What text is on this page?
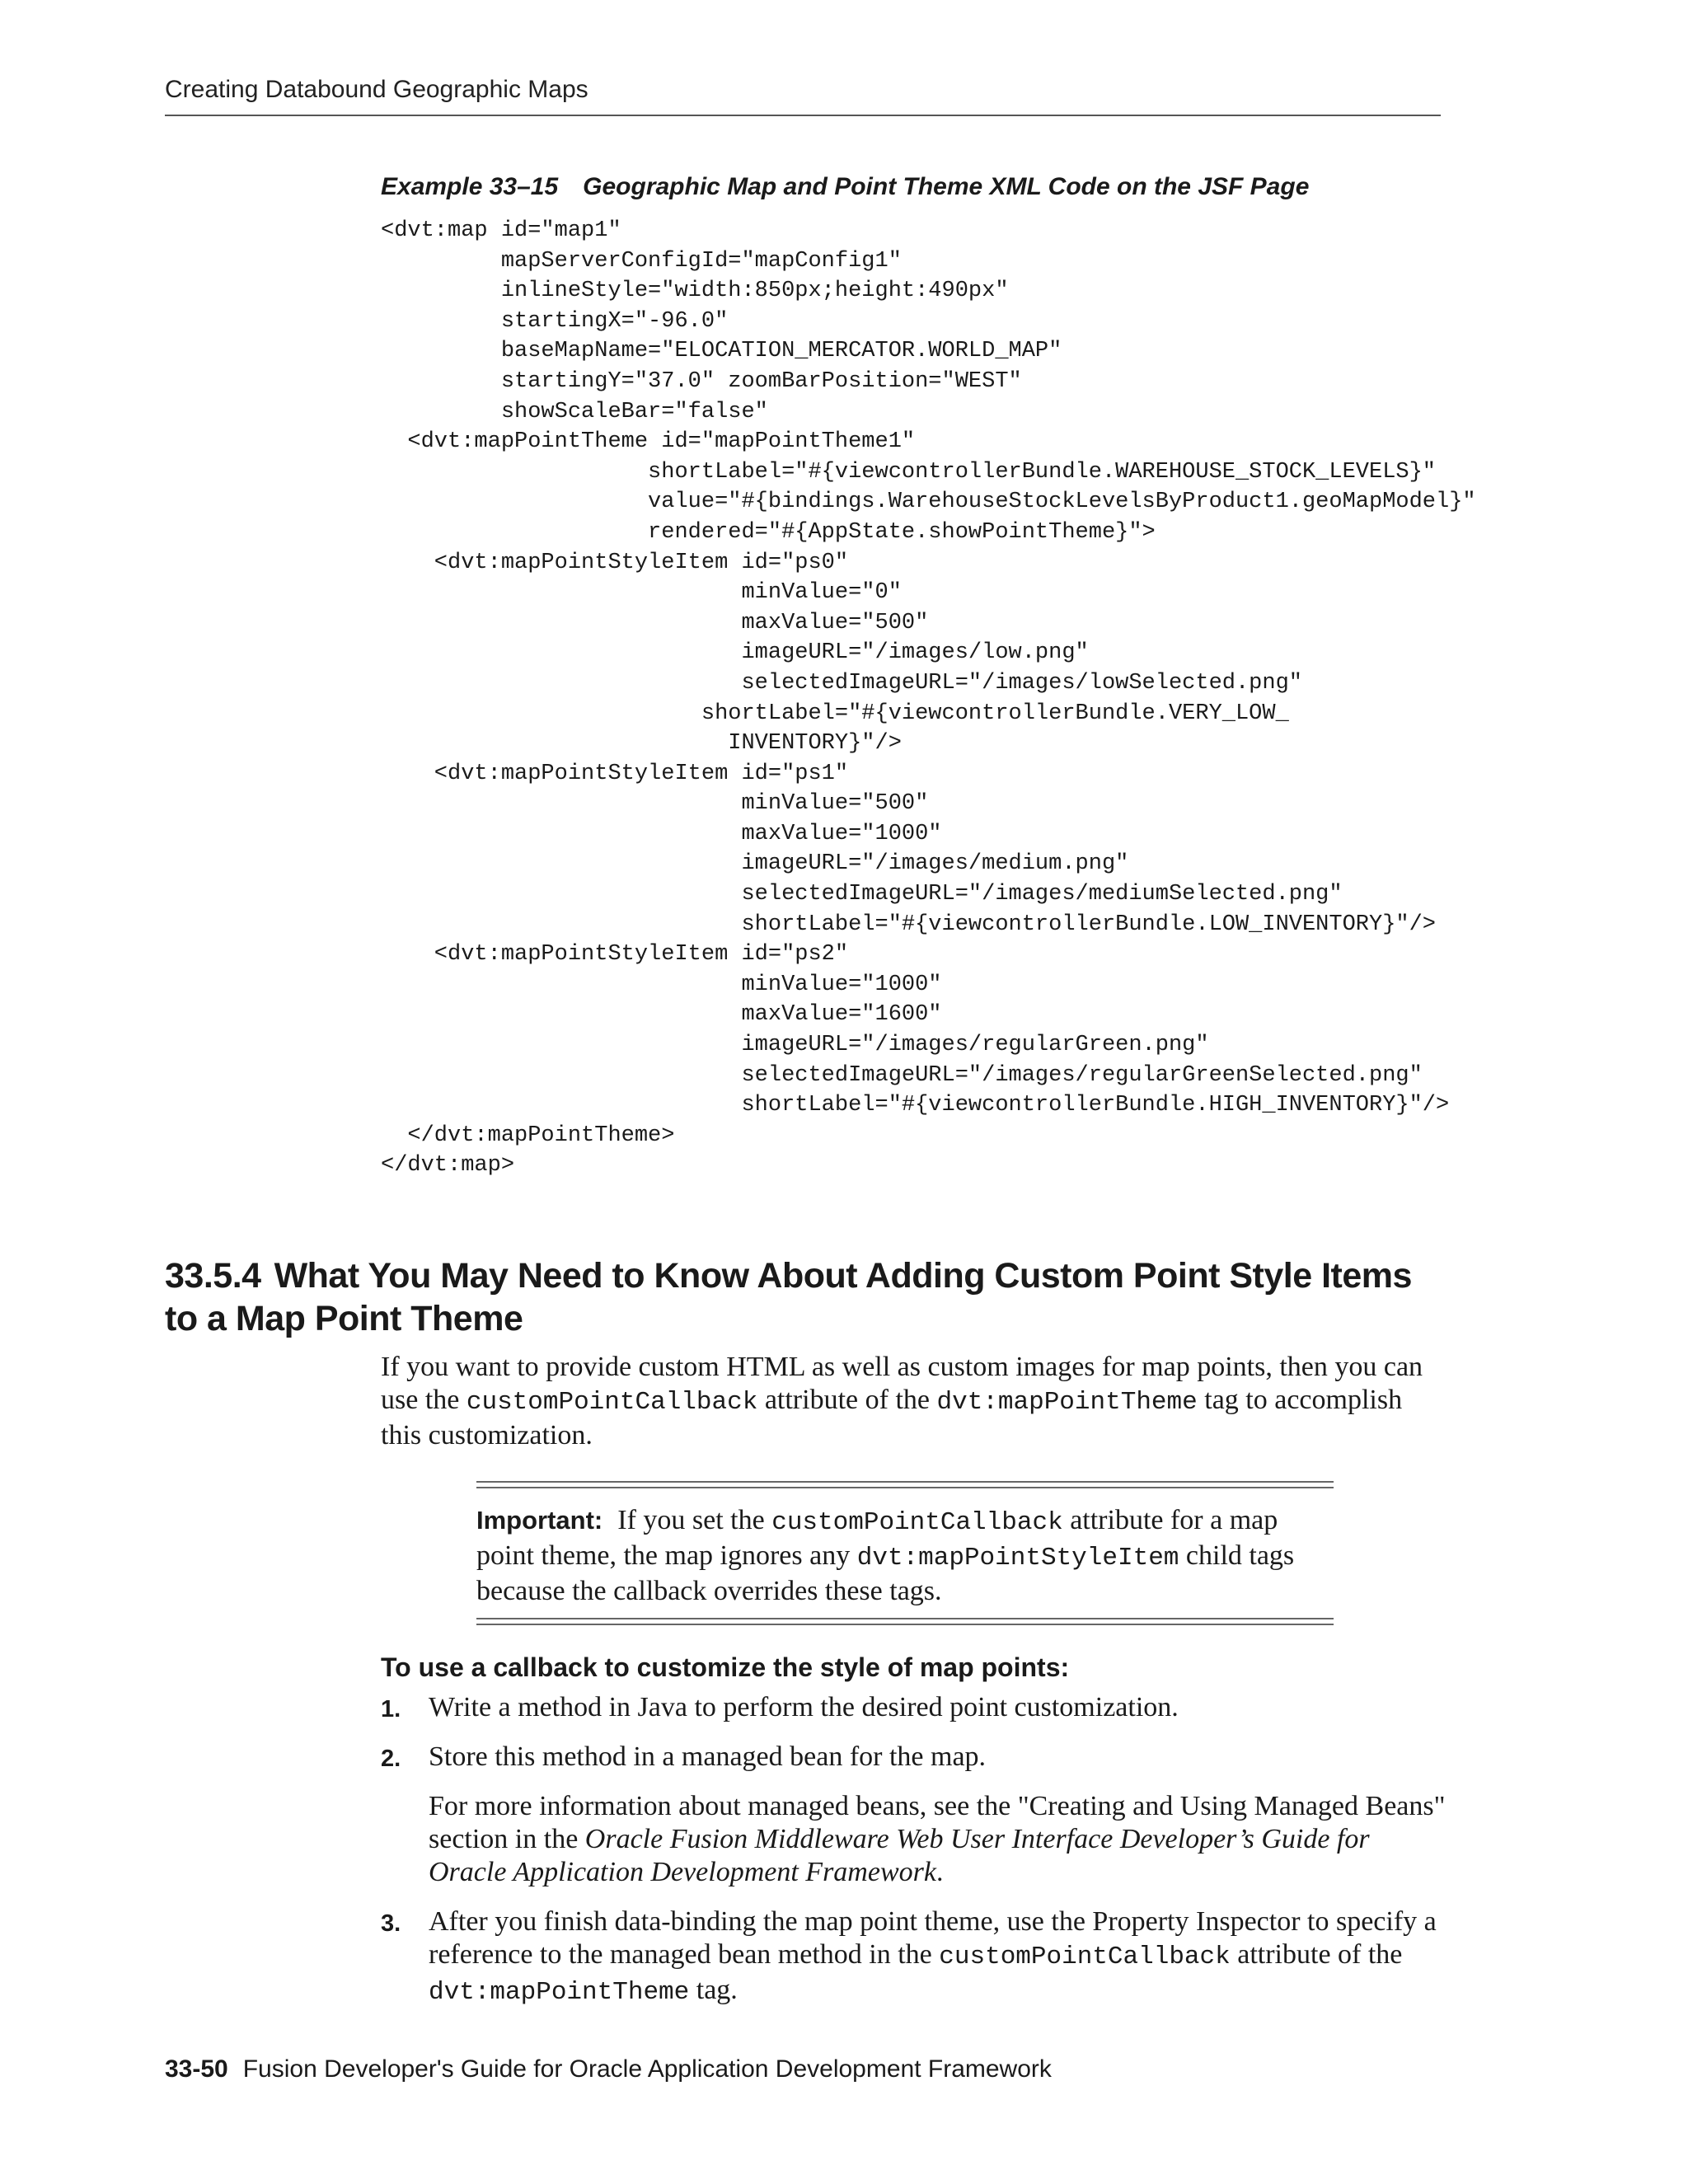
Creating Databound Geographic Maps
Example 33–15 Geographic Map and Point Theme XML Code on the JSF Page
<dvt:map id="map1"
mapServerConfigId="mapConfig1"
inlineStyle="width:850px;height:490px"
startingX="-96.0"
baseMapName="ELOCATION_MERCATOR.WORLD_MAP"
startingY="37.0" zoomBarPosition="WEST"
showScaleBar="false"
<dvt:mapPointTheme id="mapPointTheme1"
shortLabel="#{viewcontrollerBundle.WAREHOUSE_STOCK_LEVELS}"
value="#{bindings.WarehouseStockLevelsByProduct1.geoMapModel}"
rendered="#{AppState.showPointTheme}">
<dvt:mapPointStyleItem id="ps0"
minValue="0"
maxValue="500"
imageURL="/images/low.png"
selectedImageURL="/images/lowSelected.png"
shortLabel="#{viewcontrollerBundle.VERY_LOW_
INVENTORY}"/>
<dvt:mapPointStyleItem id="ps1"
minValue="500"
maxValue="1000"
imageURL="/images/medium.png"
selectedImageURL="/images/mediumSelected.png"
shortLabel="#{viewcontrollerBundle.LOW_INVENTORY}"/>
<dvt:mapPointStyleItem id="ps2"
minValue="1000"
maxValue="1600"
imageURL="/images/regularGreen.png"
selectedImageURL="/images/regularGreenSelected.png"
shortLabel="#{viewcontrollerBundle.HIGH_INVENTORY}"/>
</dvt:mapPointTheme>
</dvt:map>
33.5.4 What You May Need to Know About Adding Custom Point Style Items to a Map Point Theme
If you want to provide custom HTML as well as custom images for map points, then you can use the customPointCallback attribute of the dvt:mapPointTheme tag to accomplish this customization.
Important: If you set the customPointCallback attribute for a map point theme, the map ignores any dvt:mapPointStyleItem child tags because the callback overrides these tags.
To use a callback to customize the style of map points:
1. Write a method in Java to perform the desired point customization.
2. Store this method in a managed bean for the map.
For more information about managed beans, see the "Creating and Using Managed Beans" section in the Oracle Fusion Middleware Web User Interface Developer’s Guide for Oracle Application Development Framework.
3. After you finish data-binding the map point theme, use the Property Inspector to specify a reference to the managed bean method in the customPointCallback attribute of the dvt:mapPointTheme tag.
33-50 Fusion Developer's Guide for Oracle Application Development Framework
